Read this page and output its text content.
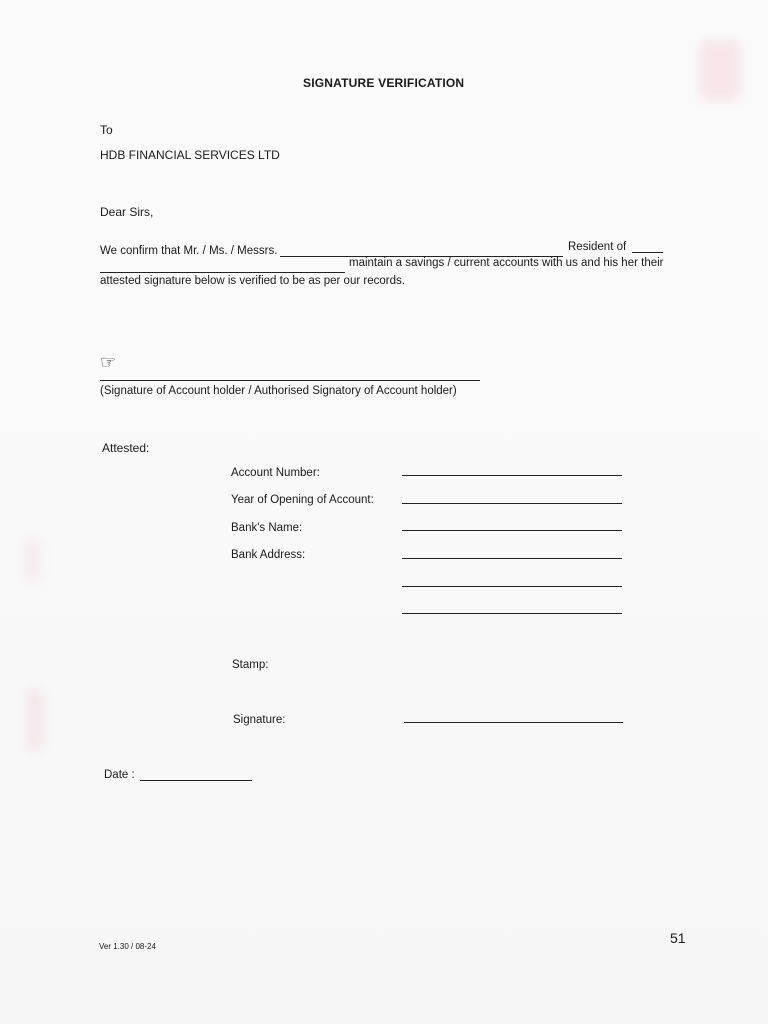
SIGNATURE VERIFICATION
To
HDB FINANCIAL SERVICES LTD
Dear Sirs,
We confirm that Mr. / Ms. / Messrs.	Resident of
maintain a savings / current accounts with us and his her their
attested signature below is verified to be as per our records.
☞
(Signature of Account holder / Authorised Signatory of Account holder)
Attested:
Account Number:
Year of Opening of Account:
Bank's Name:
Bank Address:
Stamp:
Signature:
Date :
Ver 1.30 / 08-24
51
